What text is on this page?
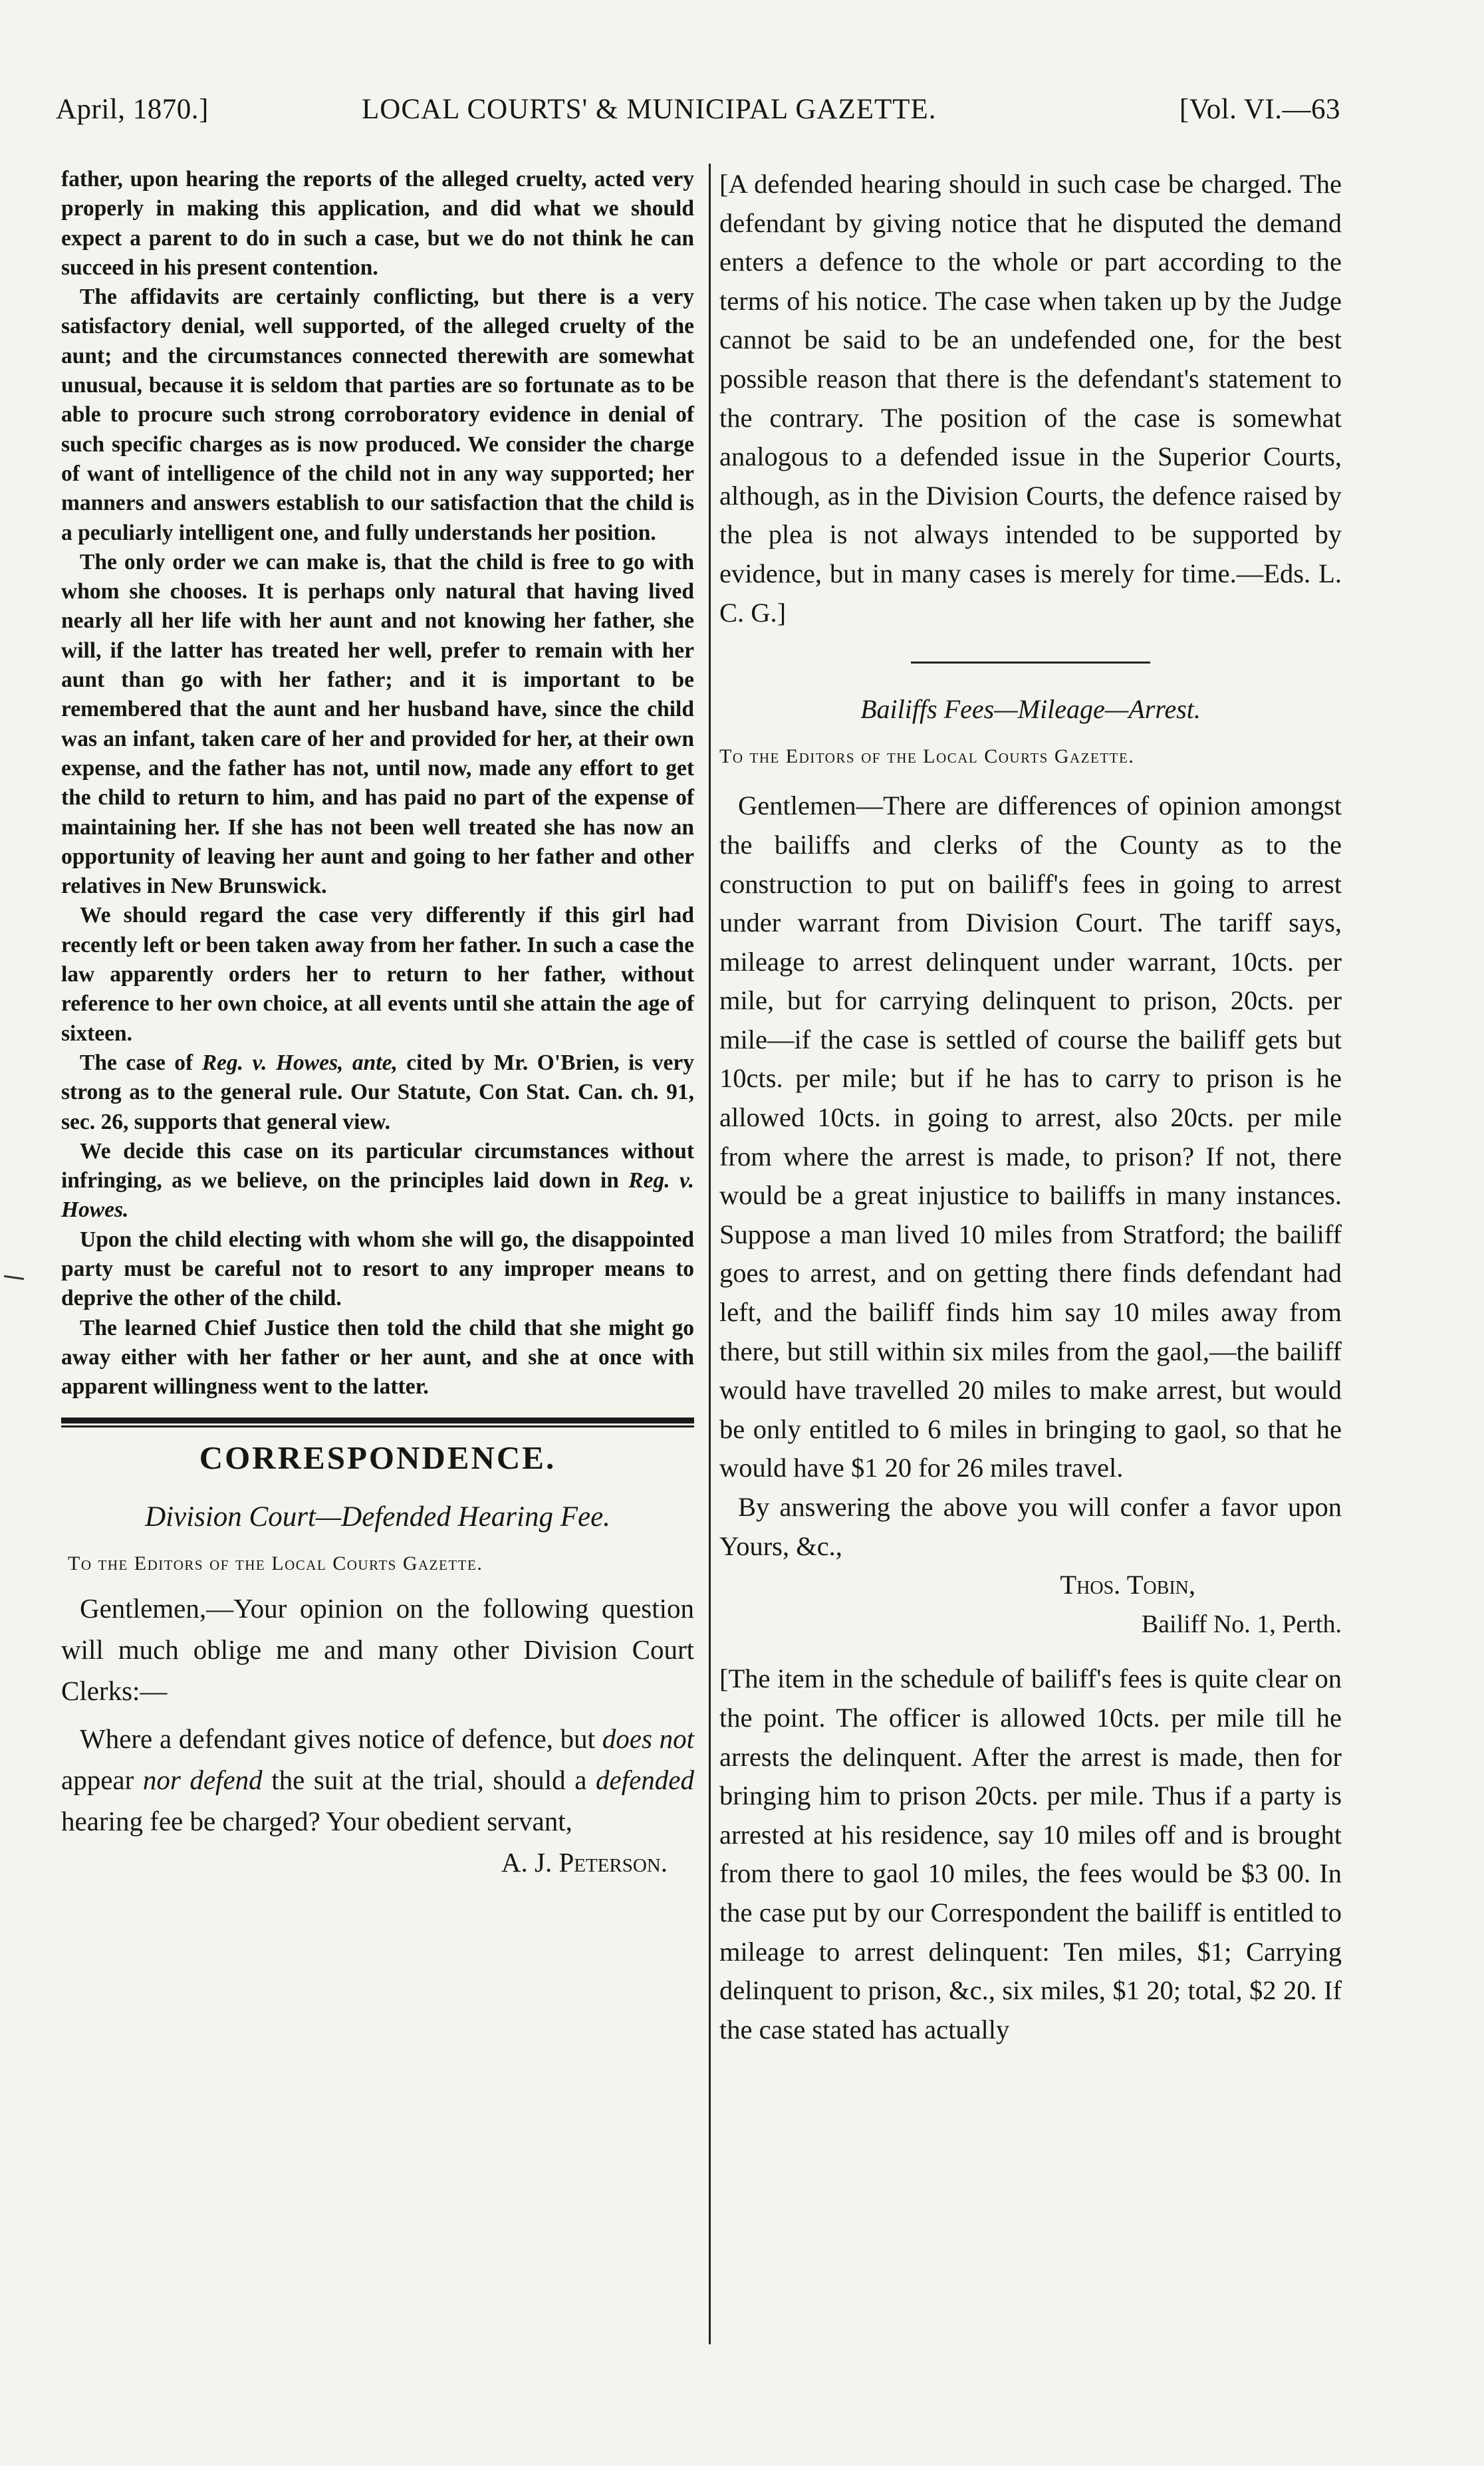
April, 1870.]	LOCAL COURTS' & MUNICIPAL GAZETTE.	[Vol. VI.—63

father, upon hearing the reports of the alleged cruelty, acted very properly in making this application, and did what we should expect a parent to do in such a case, but we do not think he can succeed in his present contention.

The affidavits are certainly conflicting, but there is a very satisfactory denial, well supported, of the alleged cruelty of the aunt; and the circumstances connected therewith are somewhat unusual, because it is seldom that parties are so fortunate as to be able to procure such strong corroboratory evidence in denial of such specific charges as is now produced. We consider the charge of want of intelligence of the child not in any way supported; her manners and answers establish to our satisfaction that the child is a peculiarly intelligent one, and fully understands her position.

The only order we can make is, that the child is free to go with whom she chooses. It is perhaps only natural that having lived nearly all her life with her aunt and not knowing her father, she will, if the latter has treated her well, prefer to remain with her aunt than go with her father; and it is important to be remembered that the aunt and her husband have, since the child was an infant, taken care of her and provided for her, at their own expense, and the father has not, until now, made any effort to get the child to return to him, and has paid no part of the expense of maintaining her. If she has not been well treated she has now an opportunity of leaving her aunt and going to her father and other relatives in New Brunswick.

We should regard the case very differently if this girl had recently left or been taken away from her father. In such a case the law apparently orders her to return to her father, without reference to her own choice, at all events until she attain the age of sixteen.

The case of Reg. v. Howes, ante, cited by Mr. O'Brien, is very strong as to the general rule. Our Statute, Con Stat. Can. ch. 91, sec. 26, supports that general view.

We decide this case on its particular circumstances without infringing, as we believe, on the principles laid down in Reg. v. Howes.

Upon the child electing with whom she will go, the disappointed party must be careful not to resort to any improper means to deprive the other of the child.

The learned Chief Justice then told the child that she might go away either with her father or her aunt, and she at once with apparent willingness went to the latter.

CORRESPONDENCE.
Division Court—Defended Hearing Fee.
To the Editors of the Local Courts Gazette.

Gentlemen,—Your opinion on the following question will much oblige me and many other Division Court Clerks:—

Where a defendant gives notice of defence, but does not appear nor defend the suit at the trial, should a defended hearing fee be charged? Your obedient servant,

A. J. Peterson.

[A defended hearing should in such case be charged. The defendant by giving notice that he disputed the demand enters a defence to the whole or part according to the terms of his notice. The case when taken up by the Judge cannot be said to be an undefended one, for the best possible reason that there is the defendant's statement to the contrary. The position of the case is somewhat analogous to a defended issue in the Superior Courts, although, as in the Division Courts, the defence raised by the plea is not always intended to be supported by evidence, but in many cases is merely for time.—Eds. L. C. G.]

Bailiffs Fees—Mileage—Arrest.
To the Editors of the Local Courts Gazette.

Gentlemen—There are differences of opinion amongst the bailiffs and clerks of the County as to the construction to put on bailiff's fees in going to arrest under warrant from Division Court. The tariff says, mileage to arrest delinquent under warrant, 10cts. per mile, but for carrying delinquent to prison, 20cts. per mile—if the case is settled of course the bailiff gets but 10cts. per mile; but if he has to carry to prison is he allowed 10cts. in going to arrest, also 20cts. per mile from where the arrest is made, to prison? If not, there would be a great injustice to bailiffs in many instances. Suppose a man lived 10 miles from Stratford; the bailiff goes to arrest, and on getting there finds defendant had left, and the bailiff finds him say 10 miles away from there, but still within six miles from the gaol,—the bailiff would have travelled 20 miles to make arrest, but would be only entitled to 6 miles in bringing to gaol, so that he would have $1 20 for 26 miles travel.

By answering the above you will confer a favor upon Yours, &c.,

Thos. Tobin,
Bailiff No. 1, Perth.

[The item in the schedule of bailiff's fees is quite clear on the point. The officer is allowed 10cts. per mile till he arrests the delinquent. After the arrest is made, then for bringing him to prison 20cts. per mile. Thus if a party is arrested at his residence, say 10 miles off and is brought from there to gaol 10 miles, the fees would be $3 00. In the case put by our Correspondent the bailiff is entitled to mileage to arrest delinquent: Ten miles, $1; Carrying delinquent to prison, &c., six miles, $1 20; total, $2 20. If the case stated has actually
